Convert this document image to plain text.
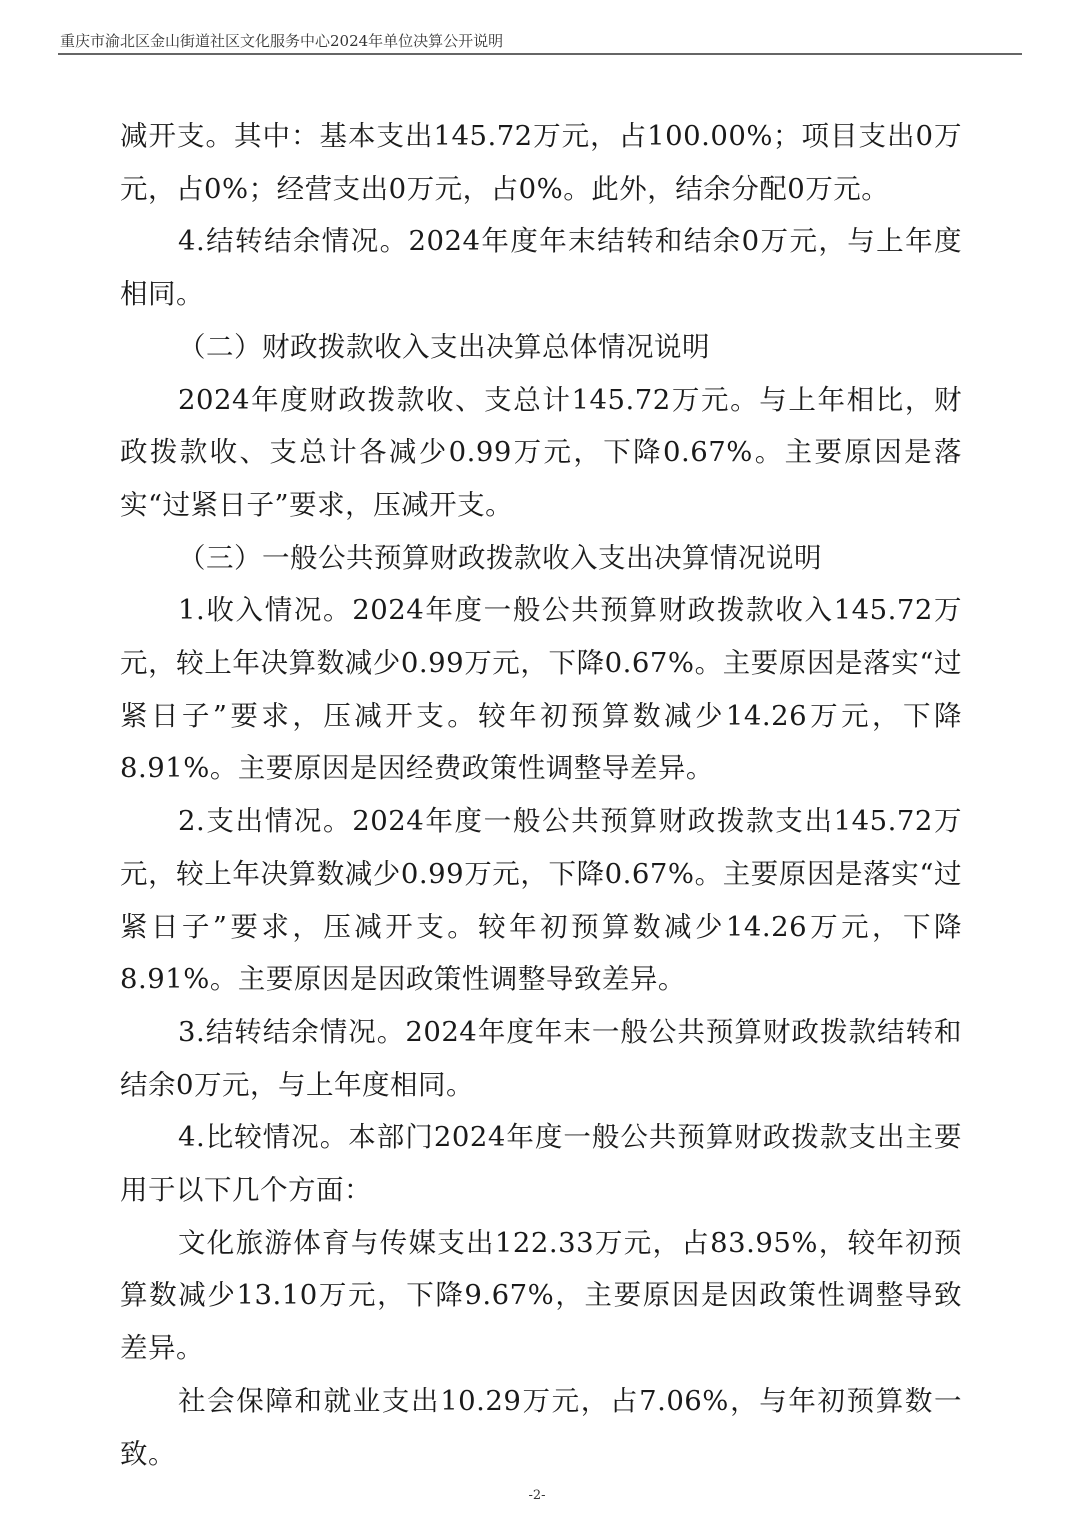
重庆市渝北区金山街道社区文化服务中心2024年单位决算公开说明

减开支。其中：基本支出145.72万元，占100.00%；项目支出0万元，占0%；经营支出0万元，占0%。此外，结余分配0万元。

4.结转结余情况。2024年度年末结转和结余0万元，与上年度相同。

（二）财政拨款收入支出决算总体情况说明

2024年度财政拨款收、支总计145.72万元。与上年相比，财政拨款收、支总计各减少0.99万元，下降0.67%。主要原因是落实“过紧日子”要求，压减开支。

（三）一般公共预算财政拨款收入支出决算情况说明

1.收入情况。2024年度一般公共预算财政拨款收入145.72万元，较上年决算数减少0.99万元，下降0.67%。主要原因是落实“过紧日子”要求，压减开支。较年初预算数减少14.26万元，下降8.91%。主要原因是因经费政策性调整导差异。

2.支出情况。2024年度一般公共预算财政拨款支出145.72万元，较上年决算数减少0.99万元，下降0.67%。主要原因是落实“过紧日子”要求，压减开支。较年初预算数减少14.26万元，下降8.91%。主要原因是因政策性调整导致差异。

3.结转结余情况。2024年度年末一般公共预算财政拨款结转和结余0万元，与上年度相同。

4.比较情况。本部门2024年度一般公共预算财政拨款支出主要用于以下几个方面：

文化旅游体育与传媒支出122.33万元，占83.95%，较年初预算数减少13.10万元，下降9.67%，主要原因是因政策性调整导致差异。

社会保障和就业支出10.29万元，占7.06%，与年初预算数一致。

-2-
